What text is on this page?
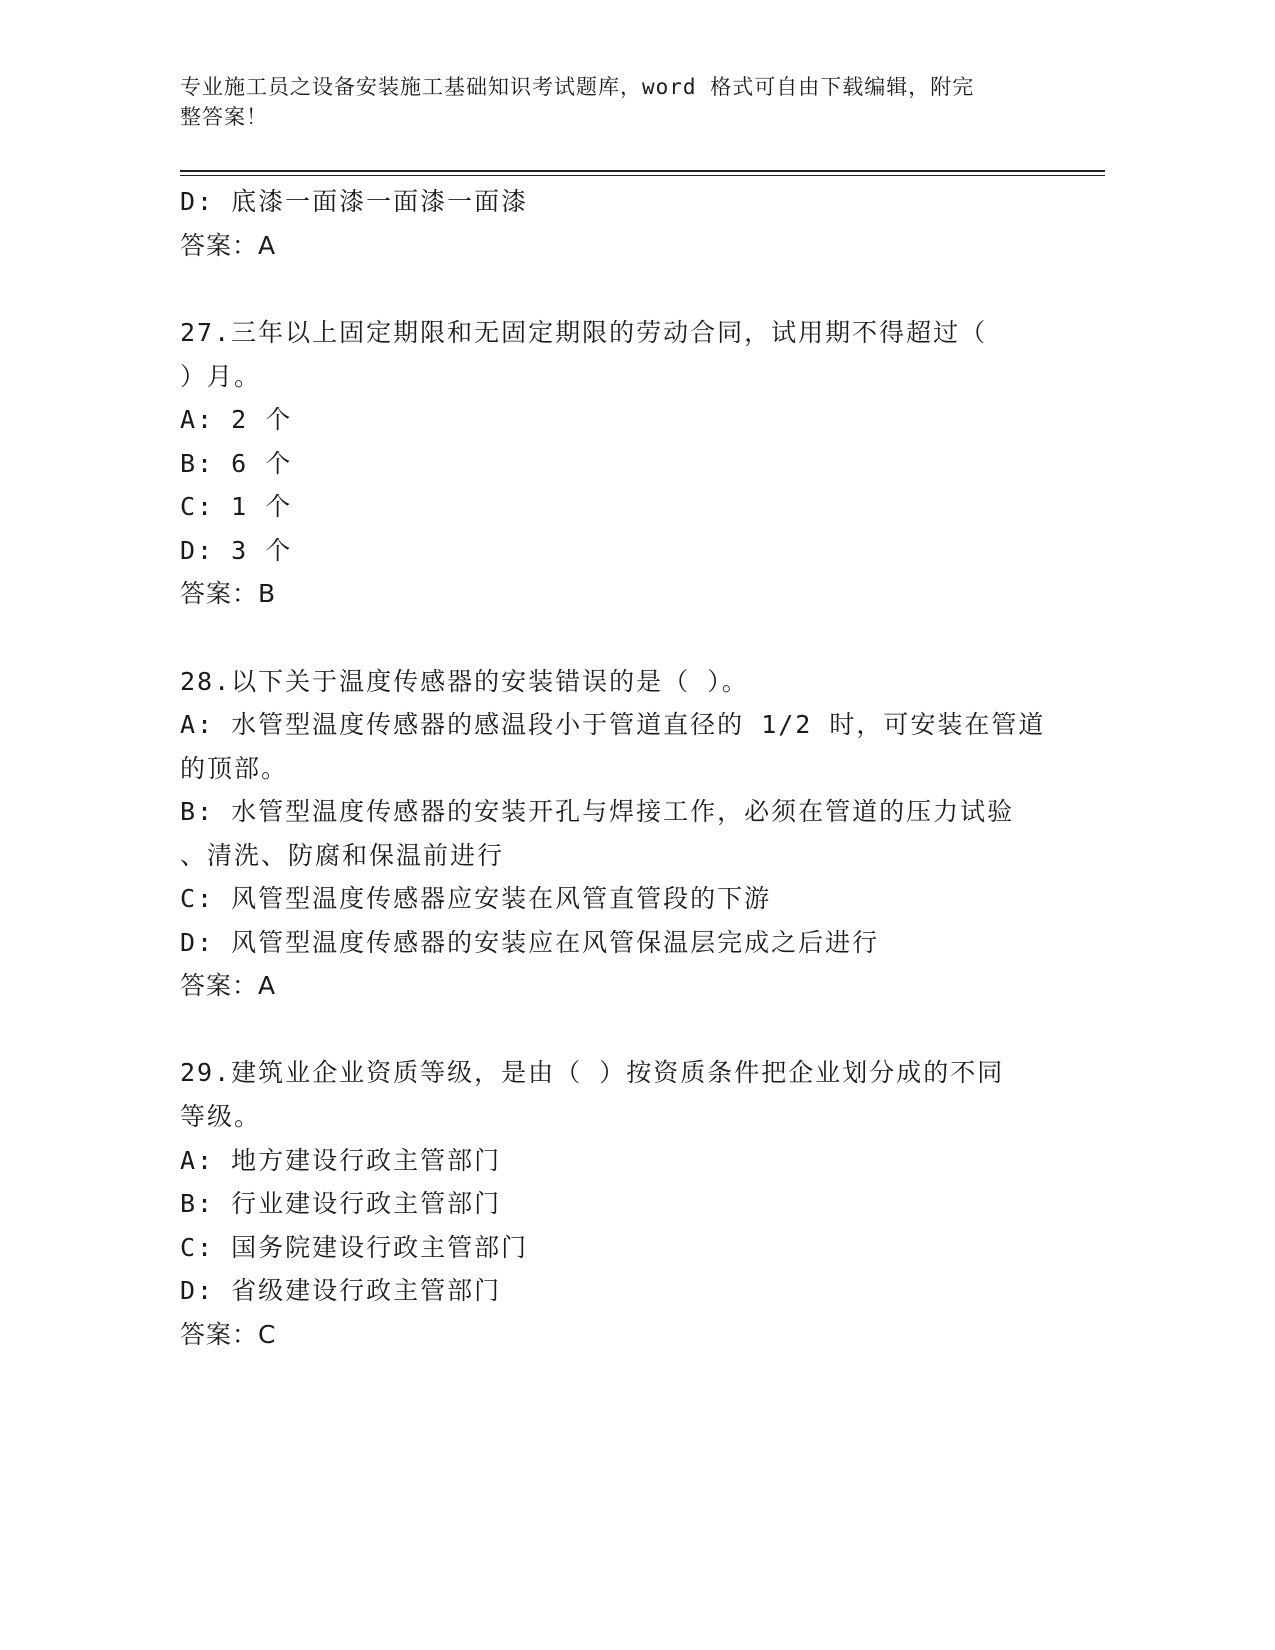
专业施工员之设备安装施工基础知识考试题库，word 格式可自由下载编辑，附完
整答案！
D: 底漆一面漆一面漆一面漆
答案：A
27.三年以上固定期限和无固定期限的劳动合同，试用期不得超过（
）月。
A: 2 个
B: 6 个
C: 1 个
D: 3 个
答案：B
28.以下关于温度传感器的安装错误的是（ ）。
A: 水管型温度传感器的感温段小于管道直径的 1/2 时，可安装在管道
的顶部。
B: 水管型温度传感器的安装开孔与焊接工作，必须在管道的压力试验
、清洗、防腐和保温前进行
C: 风管型温度传感器应安装在风管直管段的下游
D: 风管型温度传感器的安装应在风管保温层完成之后进行
答案：A
29.建筑业企业资质等级，是由（ ）按资质条件把企业划分成的不同
等级。
A: 地方建设行政主管部门
B: 行业建设行政主管部门
C: 国务院建设行政主管部门
D: 省级建设行政主管部门
答案：C
